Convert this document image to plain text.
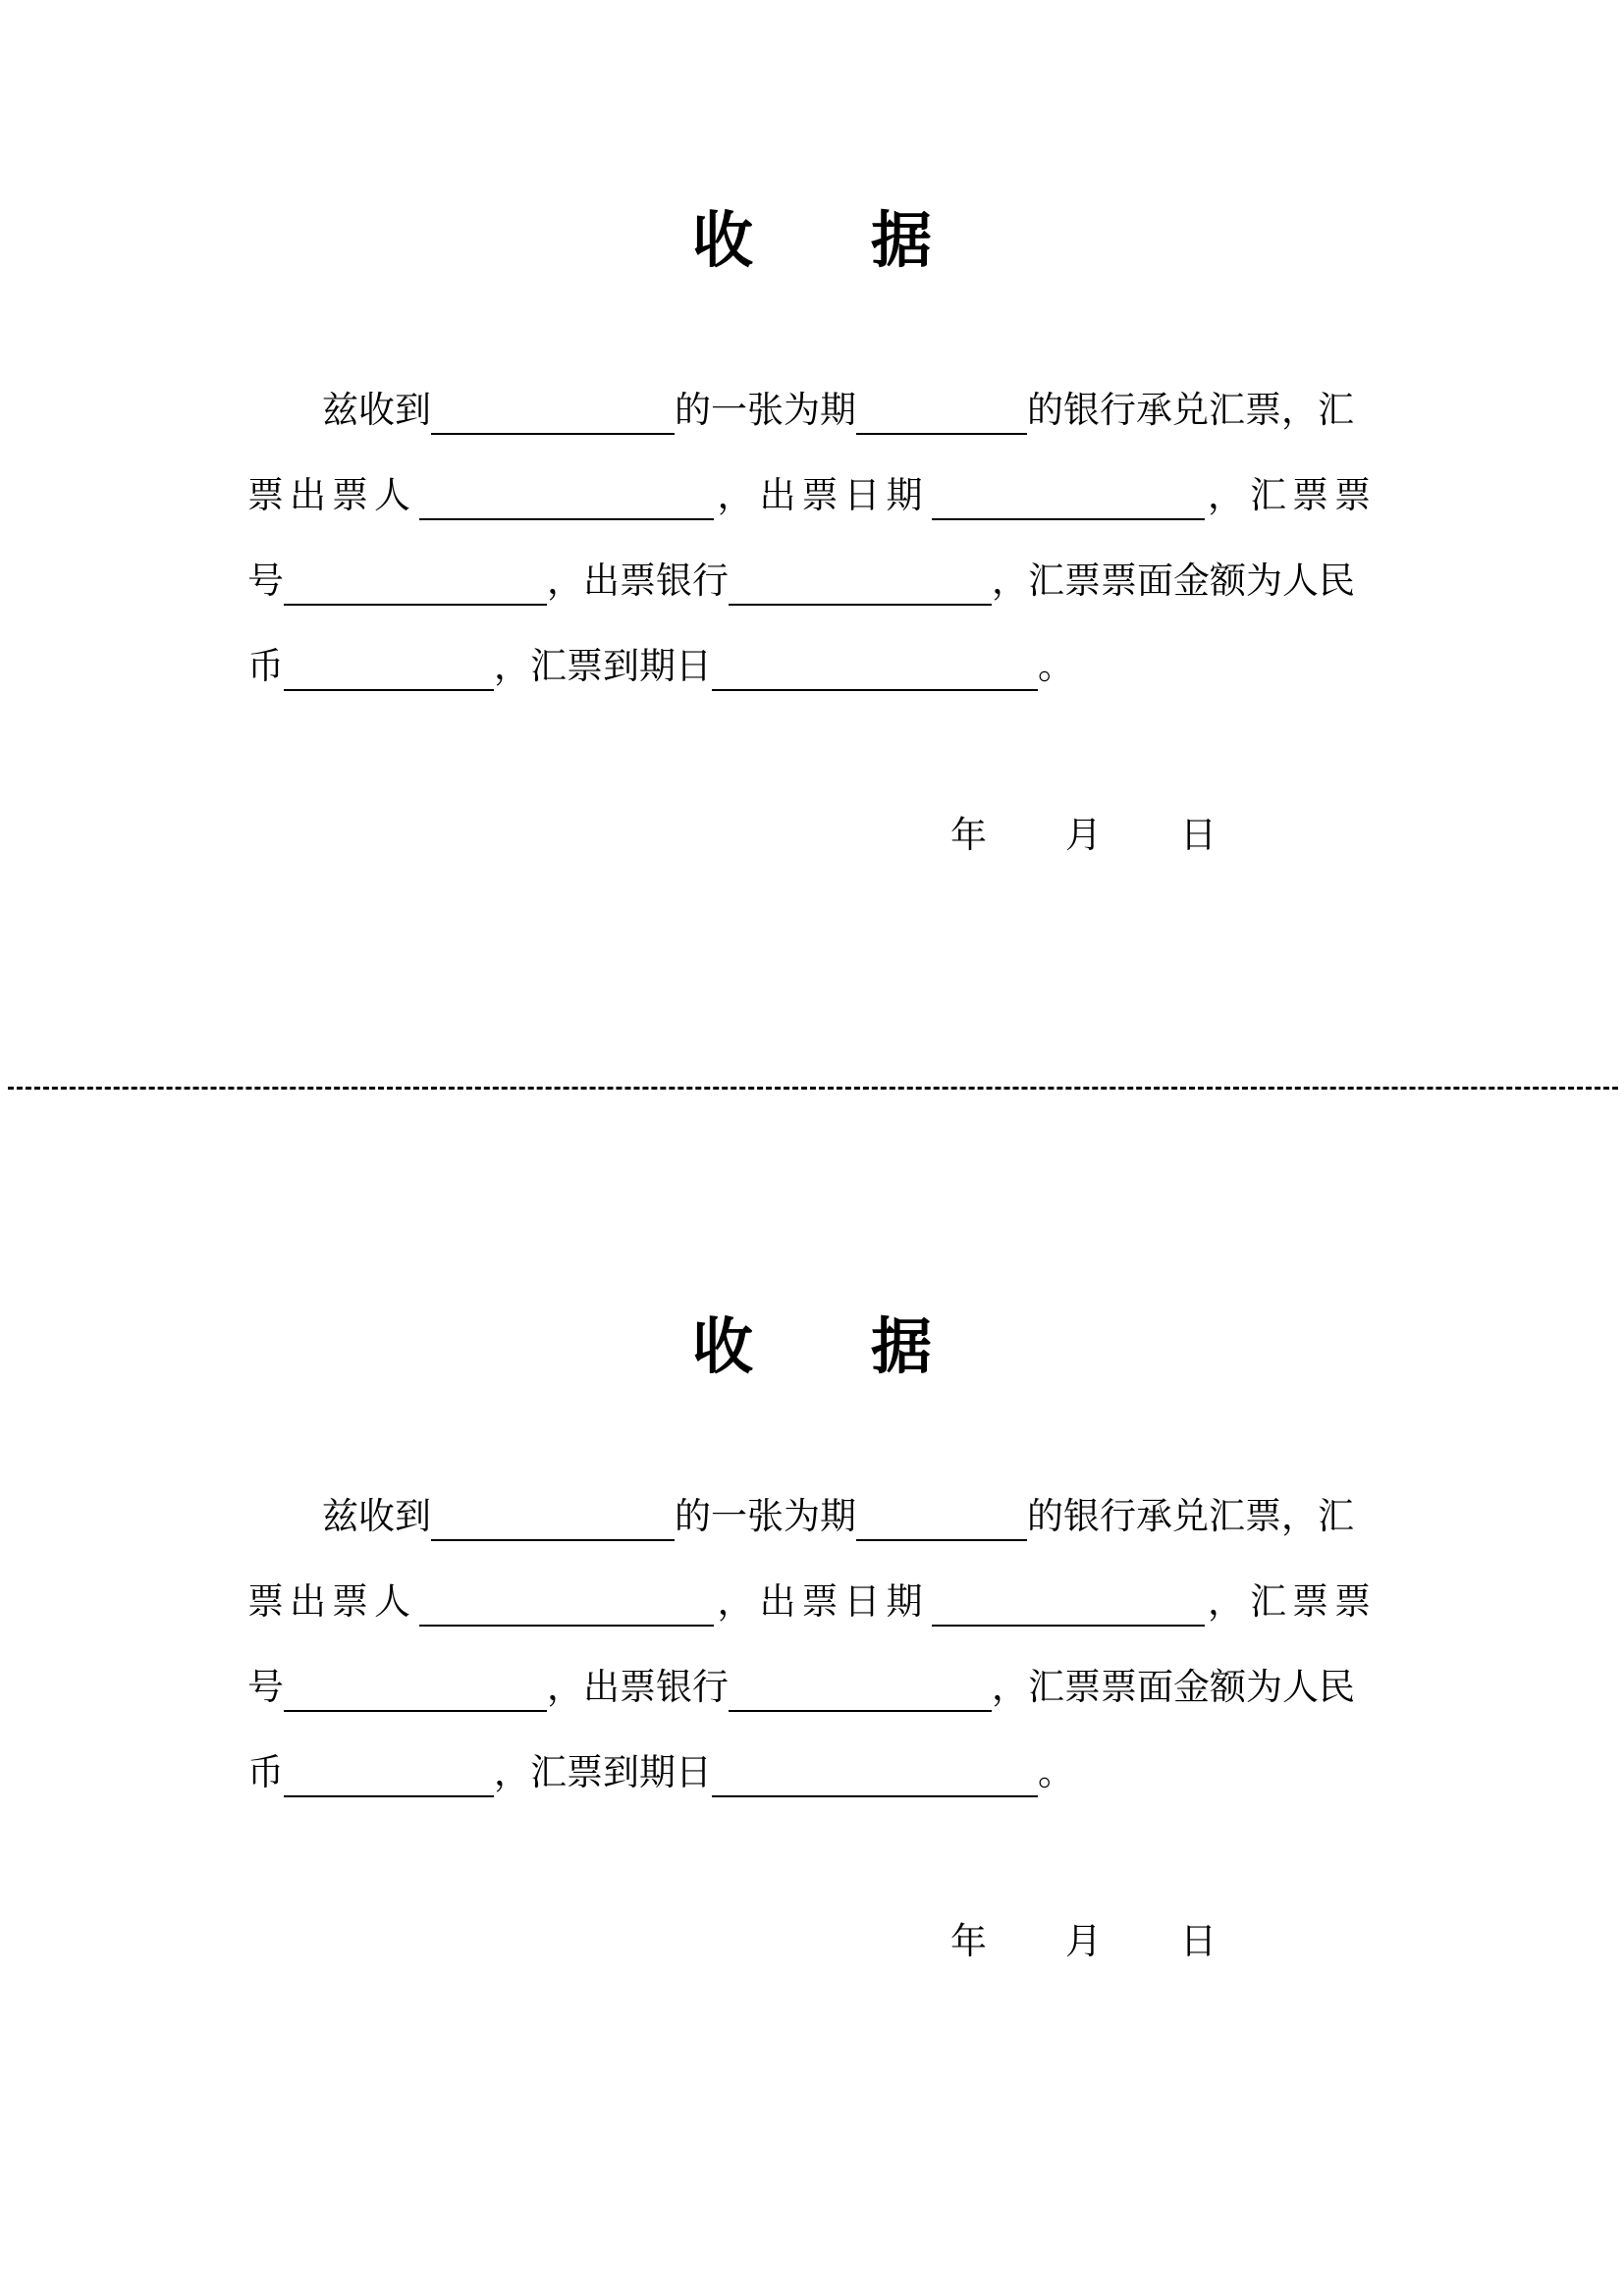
收 据
兹收到	的一张为期	的银行承兑汇票，汇
票出票人	，出票日期	，汇票票
号	，出票银行	，汇票票面金额为人民
币	，汇票到期日	。
年 月 日
收 据
兹收到	的一张为期	的银行承兑汇票，汇
票出票人	，出票日期	，汇票票
号	，出票银行	，汇票票面金额为人民
币	，汇票到期日	。
年 月 日
